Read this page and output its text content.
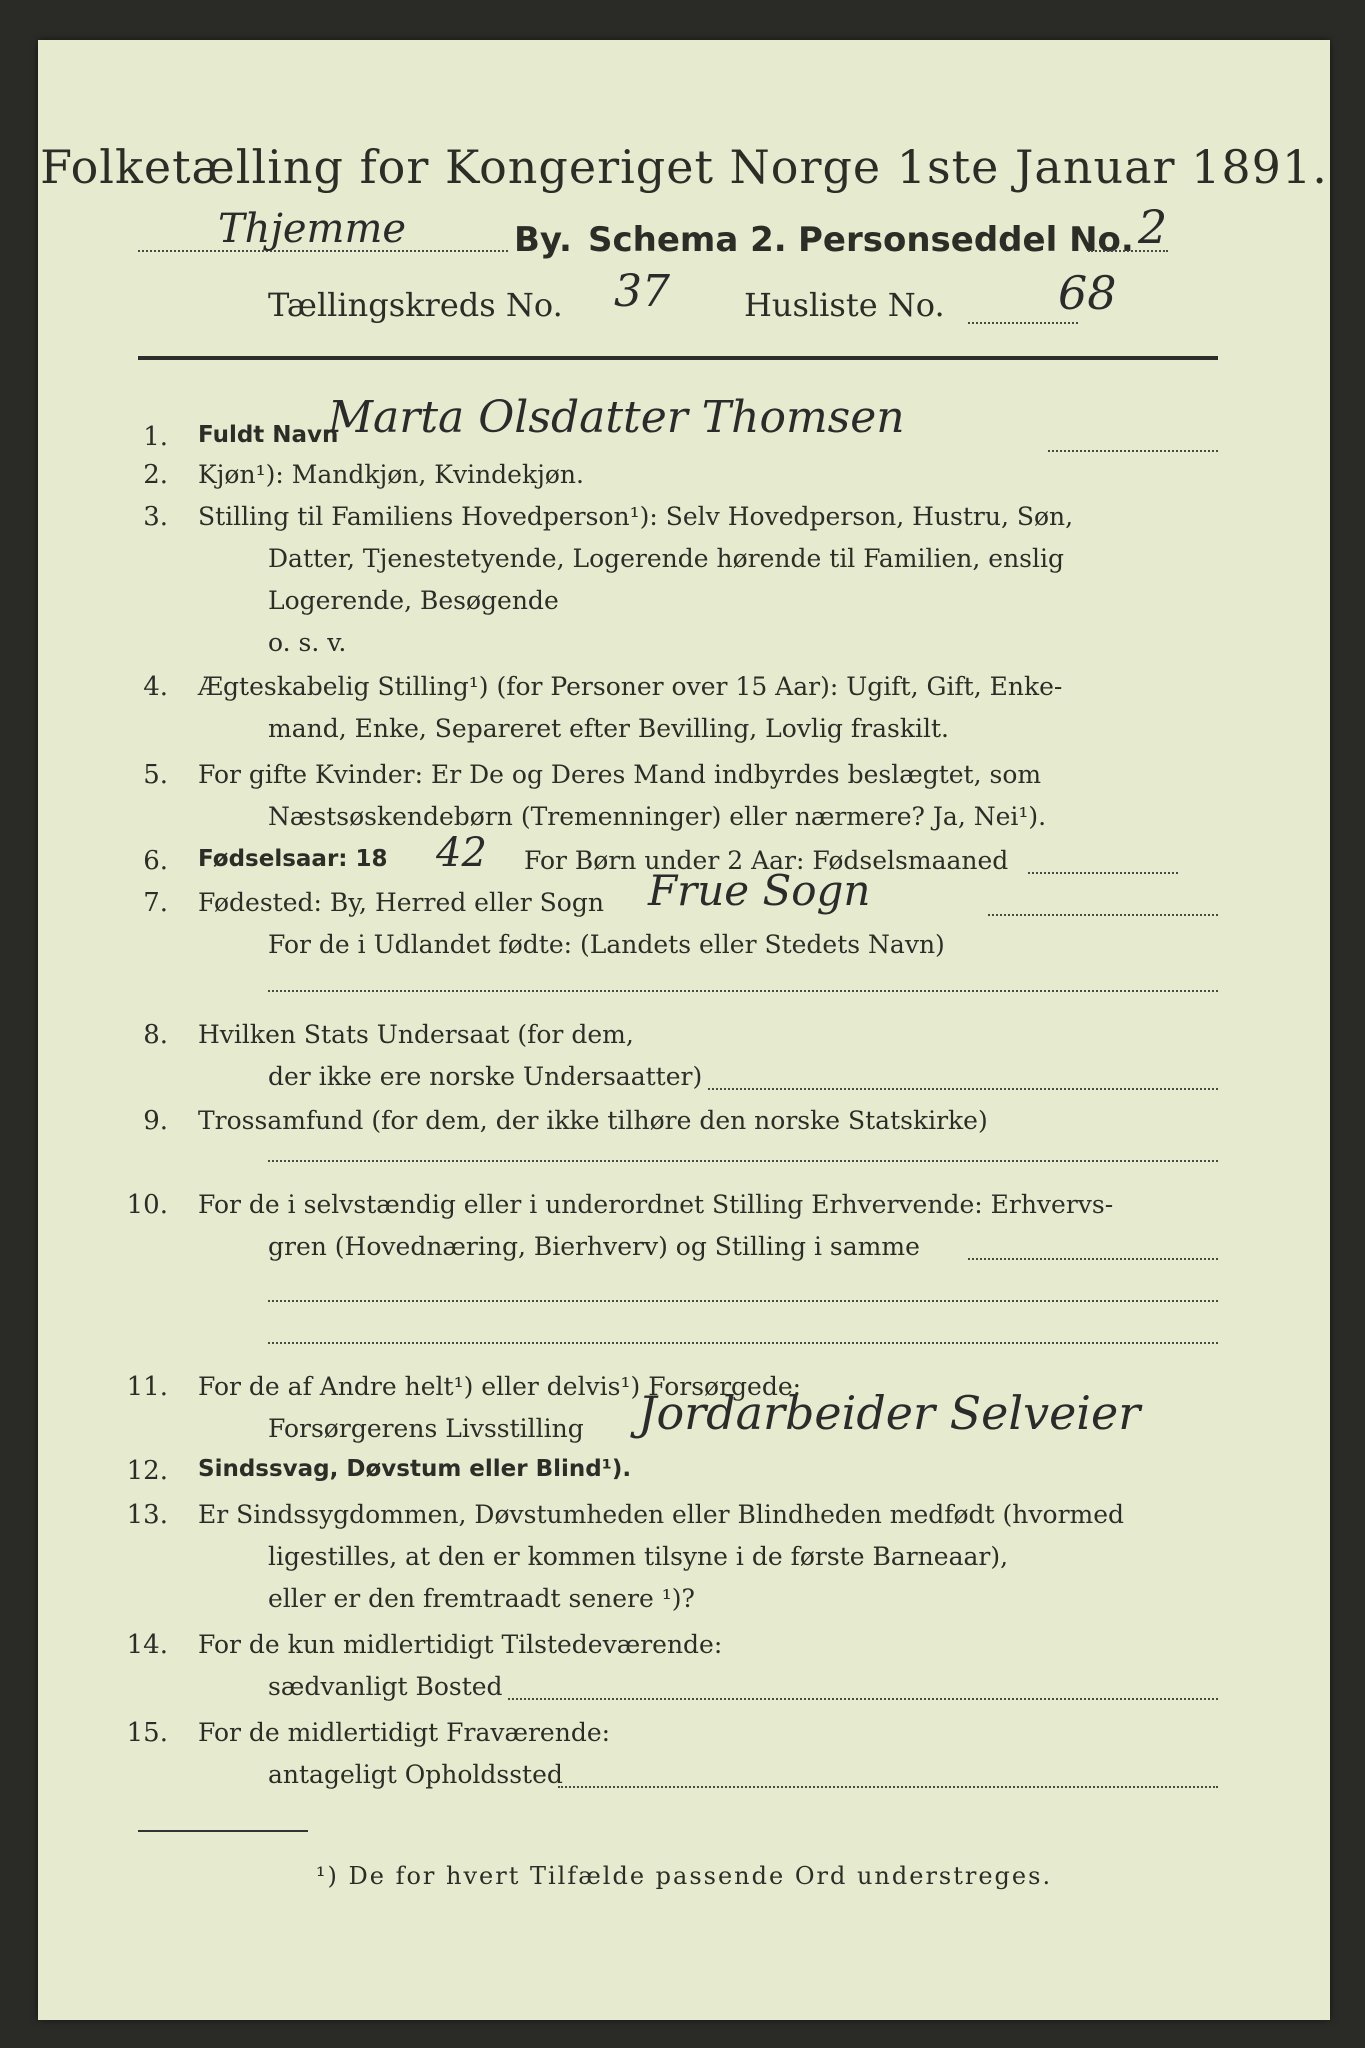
Folketælling for Kongeriget Norge 1ste Januar 1891.
Thjemme	By. Schema 2. Personseddel No. 2
Tællingskreds No. 37 Husliste No. 68
1. Fuldt Navn
Marta Olsdatter Thomsen
2. Kjøn¹): Mandkjøn, Kvindekjøn.
3. Stilling til Familiens Hovedperson¹): Selv Hovedperson, Hustru, Søn,
Datter, Tjenestetyende, Logerende hørende til Familien, enslig
Logerende, Besøgende
o. s. v.
4. Ægteskabelig Stilling¹) (for Personer over 15 Aar): Ugift, Gift, Enke-
mand, Enke, Separeret efter Bevilling, Lovlig fraskilt.
5. For gifte Kvinder: Er De og Deres Mand indbyrdes beslægtet, som
Næstsøskendebørn (Tremenninger) eller nærmere? Ja, Nei¹).
6. Fødselsaar: 18 42 For Børn under 2 Aar: Fødselsmaaned
7. Fødested: By, Herred eller Sogn Frue Sogn
For de i Udlandet fødte: (Landets eller Stedets Navn)
8. Hvilken Stats Undersaat (for dem,
der ikke ere norske Undersaatter)
9. Trossamfund (for dem, der ikke tilhøre den norske Statskirke)
10. For de i selvstændig eller i underordnet Stilling Erhvervende: Erhvervs-
gren (Hovednæring, Bierhverv) og Stilling i samme
11. For de af Andre helt¹) eller delvis¹) Forsørgede:
Forsørgerens Livsstilling Jordarbeider Selveier
12. Sindssvag, Døvstum eller Blind¹).
13. Er Sindssygdommen, Døvstumheden eller Blindheden medfødt (hvormed
ligestilles, at den er kommen tilsyne i de første Barneaar),
eller er den fremtraadt senere ¹)?
14. For de kun midlertidigt Tilstedeværende:
sædvanligt Bosted
15. For de midlertidigt Fraværende:
antageligt Opholdssted
¹) De for hvert Tilfælde passende Ord understreges.
